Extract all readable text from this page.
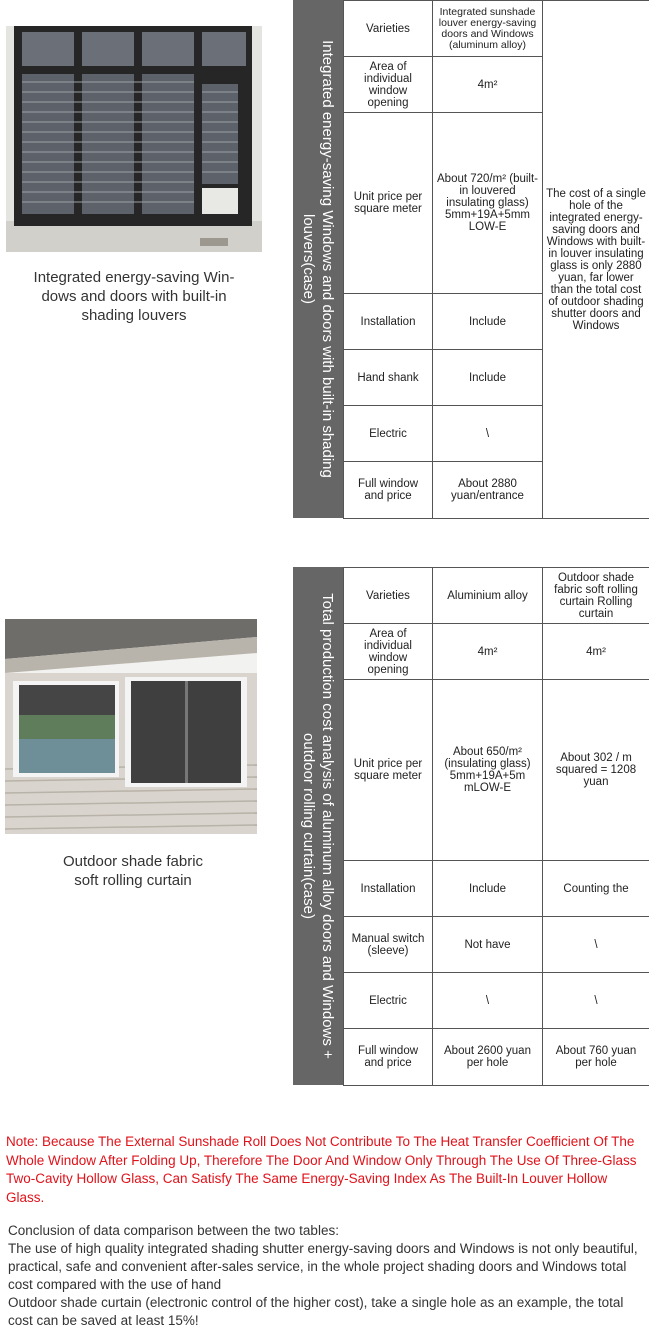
Integrated energy-saving Win-
dows and doors with built-in
shading louvers	Integrated energy-saving Windows and doors with built-in shading louvers(case)
Varieties	Integrated sunshade louver energy-saving doors and Windows (aluminum alloy)	The cost of a single hole of the integrated energy-saving doors and Windows with built-in louver insulating glass is only 2880 yuan, far lower than the total cost of outdoor shading shutter doors and Windows
Area of individual window opening	4m²	
Unit price per square meter	About 720/m² (built-in louvered insulating glass) 5mm+19A+5mm LOW-E	
Installation	Include	
Hand shank	Include	
Electric	\	
Full window and price	About 2880 yuan/entrance	
Outdoor shade fabric
soft rolling curtain	Total production cost analysis of aluminum alloy doors and Windows + outdoor rolling curtain(case)
Varieties	Aluminium alloy	Outdoor shade fabric soft rolling curtain Rolling curtain
Area of individual window opening	4m²	4m²
Unit price per square meter	About 650/m² (insulating glass) 5mm+19A+5m mLOW-E	About 302 / m squared = 1208 yuan
Installation	Include	Counting the
Manual switch (sleeve)	Not have	\
Electric	\	\
Full window and price	About 2600 yuan per hole	About 760 yuan per hole
Note: Because The External Sunshade Roll Does Not Contribute To The Heat Transfer Coefficient Of The Whole Window After Folding Up, Therefore The Door And Window Only Through The Use Of Three-Glass Two-Cavity Hollow Glass, Can Satisfy The Same Energy-Saving Index As The Built-In Louver Hollow Glass.
Conclusion of data comparison between the two tables:
The use of high quality integrated shading shutter energy-saving doors and Windows is not only beautiful, practical, safe and convenient after-sales service, in the whole project shading doors and Windows total cost compared with the use of hand
Outdoor shade curtain (electronic control of the higher cost), take a single hole as an example, the total cost can be saved at least 15%!
